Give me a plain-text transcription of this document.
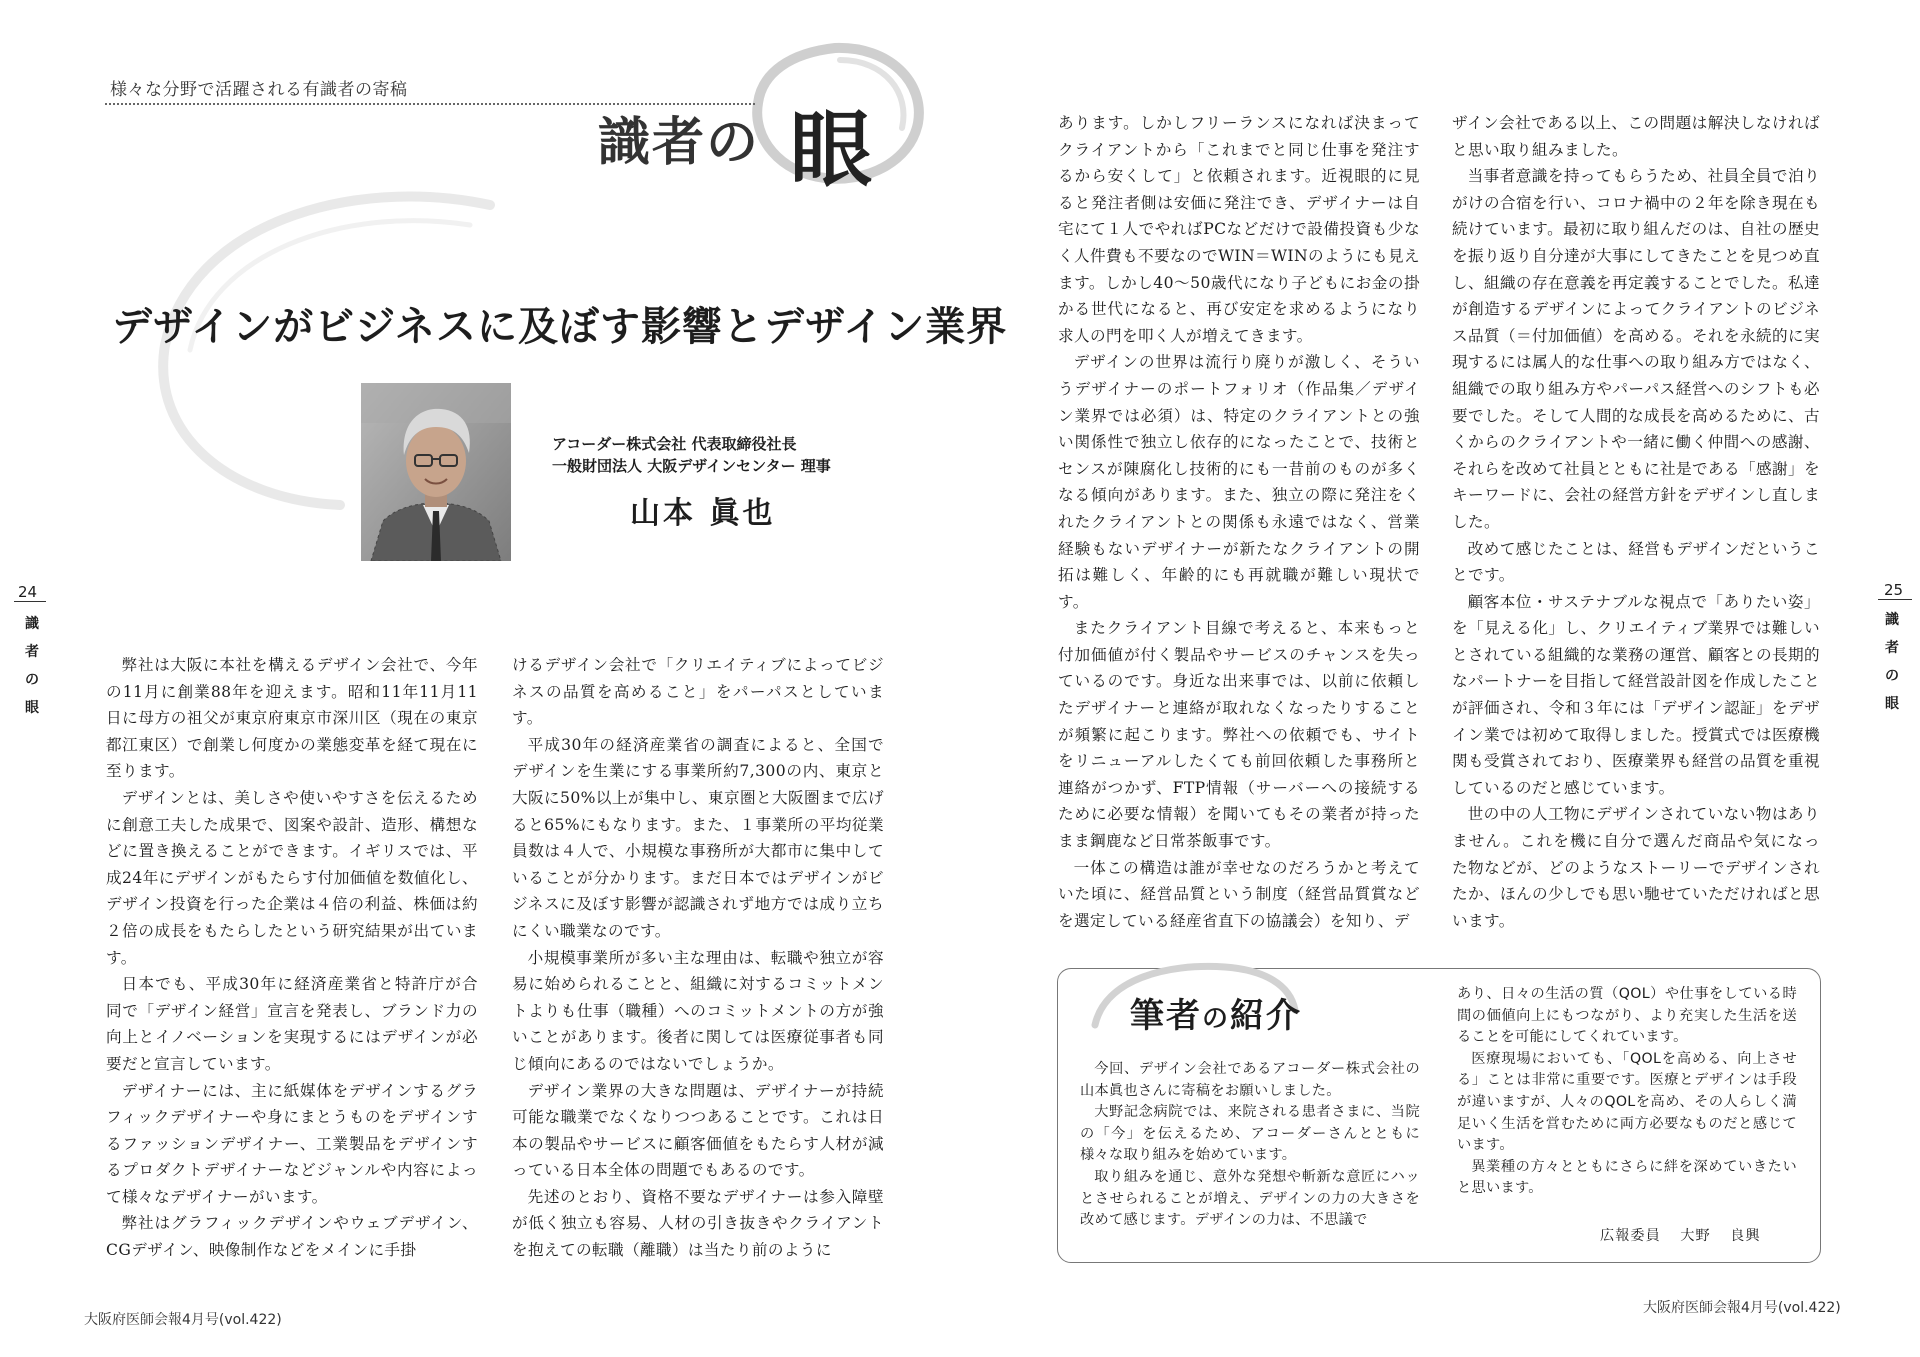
様々な分野で活躍される有識者の寄稿
識者の 眼
デザインがビジネスに及ぼす影響とデザイン業界
アコーダー株式会社 代表取締役社長
一般財団法人 大阪デザインセンター 理事
山本 眞也
24
識
者
の
眼
25
識
者
の
眼

弊社は大阪に本社を構えるデザイン会社で、今年の11月に創業88年を迎えます。昭和11年11月11日に母方の祖父が東京府東京市深川区（現在の東京都江東区）で創業し何度かの業態変革を経て現在に至ります。

デザインとは、美しさや使いやすさを伝えるために創意工夫した成果で、図案や設計、造形、構想などに置き換えることができます。イギリスでは、平成24年にデザインがもたらす付加価値を数値化し、デザイン投資を行った企業は４倍の利益、株価は約２倍の成長をもたらしたという研究結果が出ています。

日本でも、平成30年に経済産業省と特許庁が合同で「デザイン経営」宣言を発表し、ブランド力の向上とイノベーションを実現するにはデザインが必要だと宣言しています。

デザイナーには、主に紙媒体をデザインするグラフィックデザイナーや身にまとうものをデザインするファッションデザイナー、工業製品をデザインするプロダクトデザイナーなどジャンルや内容によって様々なデザイナーがいます。

弊社はグラフィックデザインやウェブデザイン、CGデザイン、映像制作などをメインに手掛

けるデザイン会社で「クリエイティブによってビジネスの品質を高めること」をパーパスとしています。

平成30年の経済産業省の調査によると、全国でデザインを生業にする事業所約7,300の内、東京と大阪に50%以上が集中し、東京圏と大阪圏まで広げると65%にもなります。また、１事業所の平均従業員数は４人で、小規模な事務所が大都市に集中していることが分かります。まだ日本ではデザインがビジネスに及ぼす影響が認識されず地方では成り立ちにくい職業なのです。

小規模事業所が多い主な理由は、転職や独立が容易に始められることと、組織に対するコミットメントよりも仕事（職種）へのコミットメントの方が強いことがあります。後者に関しては医療従事者も同じ傾向にあるのではないでしょうか。

デザイン業界の大きな問題は、デザイナーが持続可能な職業でなくなりつつあることです。これは日本の製品やサービスに顧客価値をもたらす人材が減っている日本全体の問題でもあるのです。

先述のとおり、資格不要なデザイナーは参入障壁が低く独立も容易、人材の引き抜きやクライアントを抱えての転職（離職）は当たり前のように

あります。しかしフリーランスになれば決まってクライアントから「これまでと同じ仕事を発注するから安くして」と依頼されます。近視眼的に見ると発注者側は安価に発注でき、デザイナーは自宅にて１人でやればPCなどだけで設備投資も少なく人件費も不要なのでWIN＝WINのようにも見えます。しかし40～50歳代になり子どもにお金の掛かる世代になると、再び安定を求めるようになり求人の門を叩く人が増えてきます。

デザインの世界は流行り廃りが激しく、そういうデザイナーのポートフォリオ（作品集／デザイン業界では必須）は、特定のクライアントとの強い関係性で独立し依存的になったことで、技術とセンスが陳腐化し技術的にも一昔前のものが多くなる傾向があります。また、独立の際に発注をくれたクライアントとの関係も永遠ではなく、営業経験もないデザイナーが新たなクライアントの開拓は難しく、年齢的にも再就職が難しい現状です。

またクライアント目線で考えると、本来もっと付加価値が付く製品やサービスのチャンスを失っているのです。身近な出来事では、以前に依頼したデザイナーと連絡が取れなくなったりすることが頻繁に起こります。弊社への依頼でも、サイトをリニューアルしたくても前回依頼した事務所と連絡がつかず、FTP情報（サーバーへの接続するために必要な情報）を聞いてもその業者が持ったまま鋼鹿など日常茶飯事です。

一体この構造は誰が幸せなのだろうかと考えていた頃に、経営品質という制度（経営品質賞などを選定している経産省直下の協議会）を知り、デ

ザイン会社である以上、この問題は解決しなければと思い取り組みました。

当事者意識を持ってもらうため、社員全員で泊りがけの合宿を行い、コロナ禍中の２年を除き現在も続けています。最初に取り組んだのは、自社の歴史を振り返り自分達が大事にしてきたことを見つめ直し、組織の存在意義を再定義することでした。私達が創造するデザインによってクライアントのビジネス品質（＝付加価値）を高める。それを永続的に実現するには属人的な仕事への取り組み方ではなく、組織での取り組み方やパーパス経営へのシフトも必要でした。そして人間的な成長を高めるために、古くからのクライアントや一緒に働く仲間への感謝、それらを改めて社員とともに社是である「感謝」をキーワードに、会社の経営方針をデザインし直しました。

改めて感じたことは、経営もデザインだということです。

顧客本位・サステナブルな視点で「ありたい姿」を「見える化」し、クリエイティブ業界では難しいとされている組織的な業務の運営、顧客との長期的なパートナーを目指して経営設計図を作成したことが評価され、令和３年には「デザイン認証」をデザイン業では初めて取得しました。授賞式では医療機関も受賞されており、医療業界も経営の品質を重視しているのだと感じています。

世の中の人工物にデザインされていない物はありません。これを機に自分で選んだ商品や気になった物などが、どのようなストーリーでデザインされたか、ほんの少しでも思い馳せていただければと思います。

筆者の紹介

今回、デザイン会社であるアコーダー株式会社の山本眞也さんに寄稿をお願いしました。

大野記念病院では、来院される患者さまに、当院の「今」を伝えるため、アコーダーさんとともに様々な取り組みを始めています。

取り組みを通じ、意外な発想や斬新な意匠にハッとさせられることが増え、デザインの力の大きさを改めて感じます。デザインの力は、不思議で

あり、日々の生活の質（QOL）や仕事をしている時間の価値向上にもつながり、より充実した生活を送ることを可能にしてくれています。

医療現場においても、「QOLを高める、向上させる」ことは非常に重要です。医療とデザインは手段が違いますが、人々のQOLを高め、その人らしく満足いく生活を営むために両方必要なものだと感じています。

異業種の方々とともにさらに絆を深めていきたいと思います。

広報委員 大野 良興
大阪府医師会報4月号(vol.422)
大阪府医師会報4月号(vol.422)
